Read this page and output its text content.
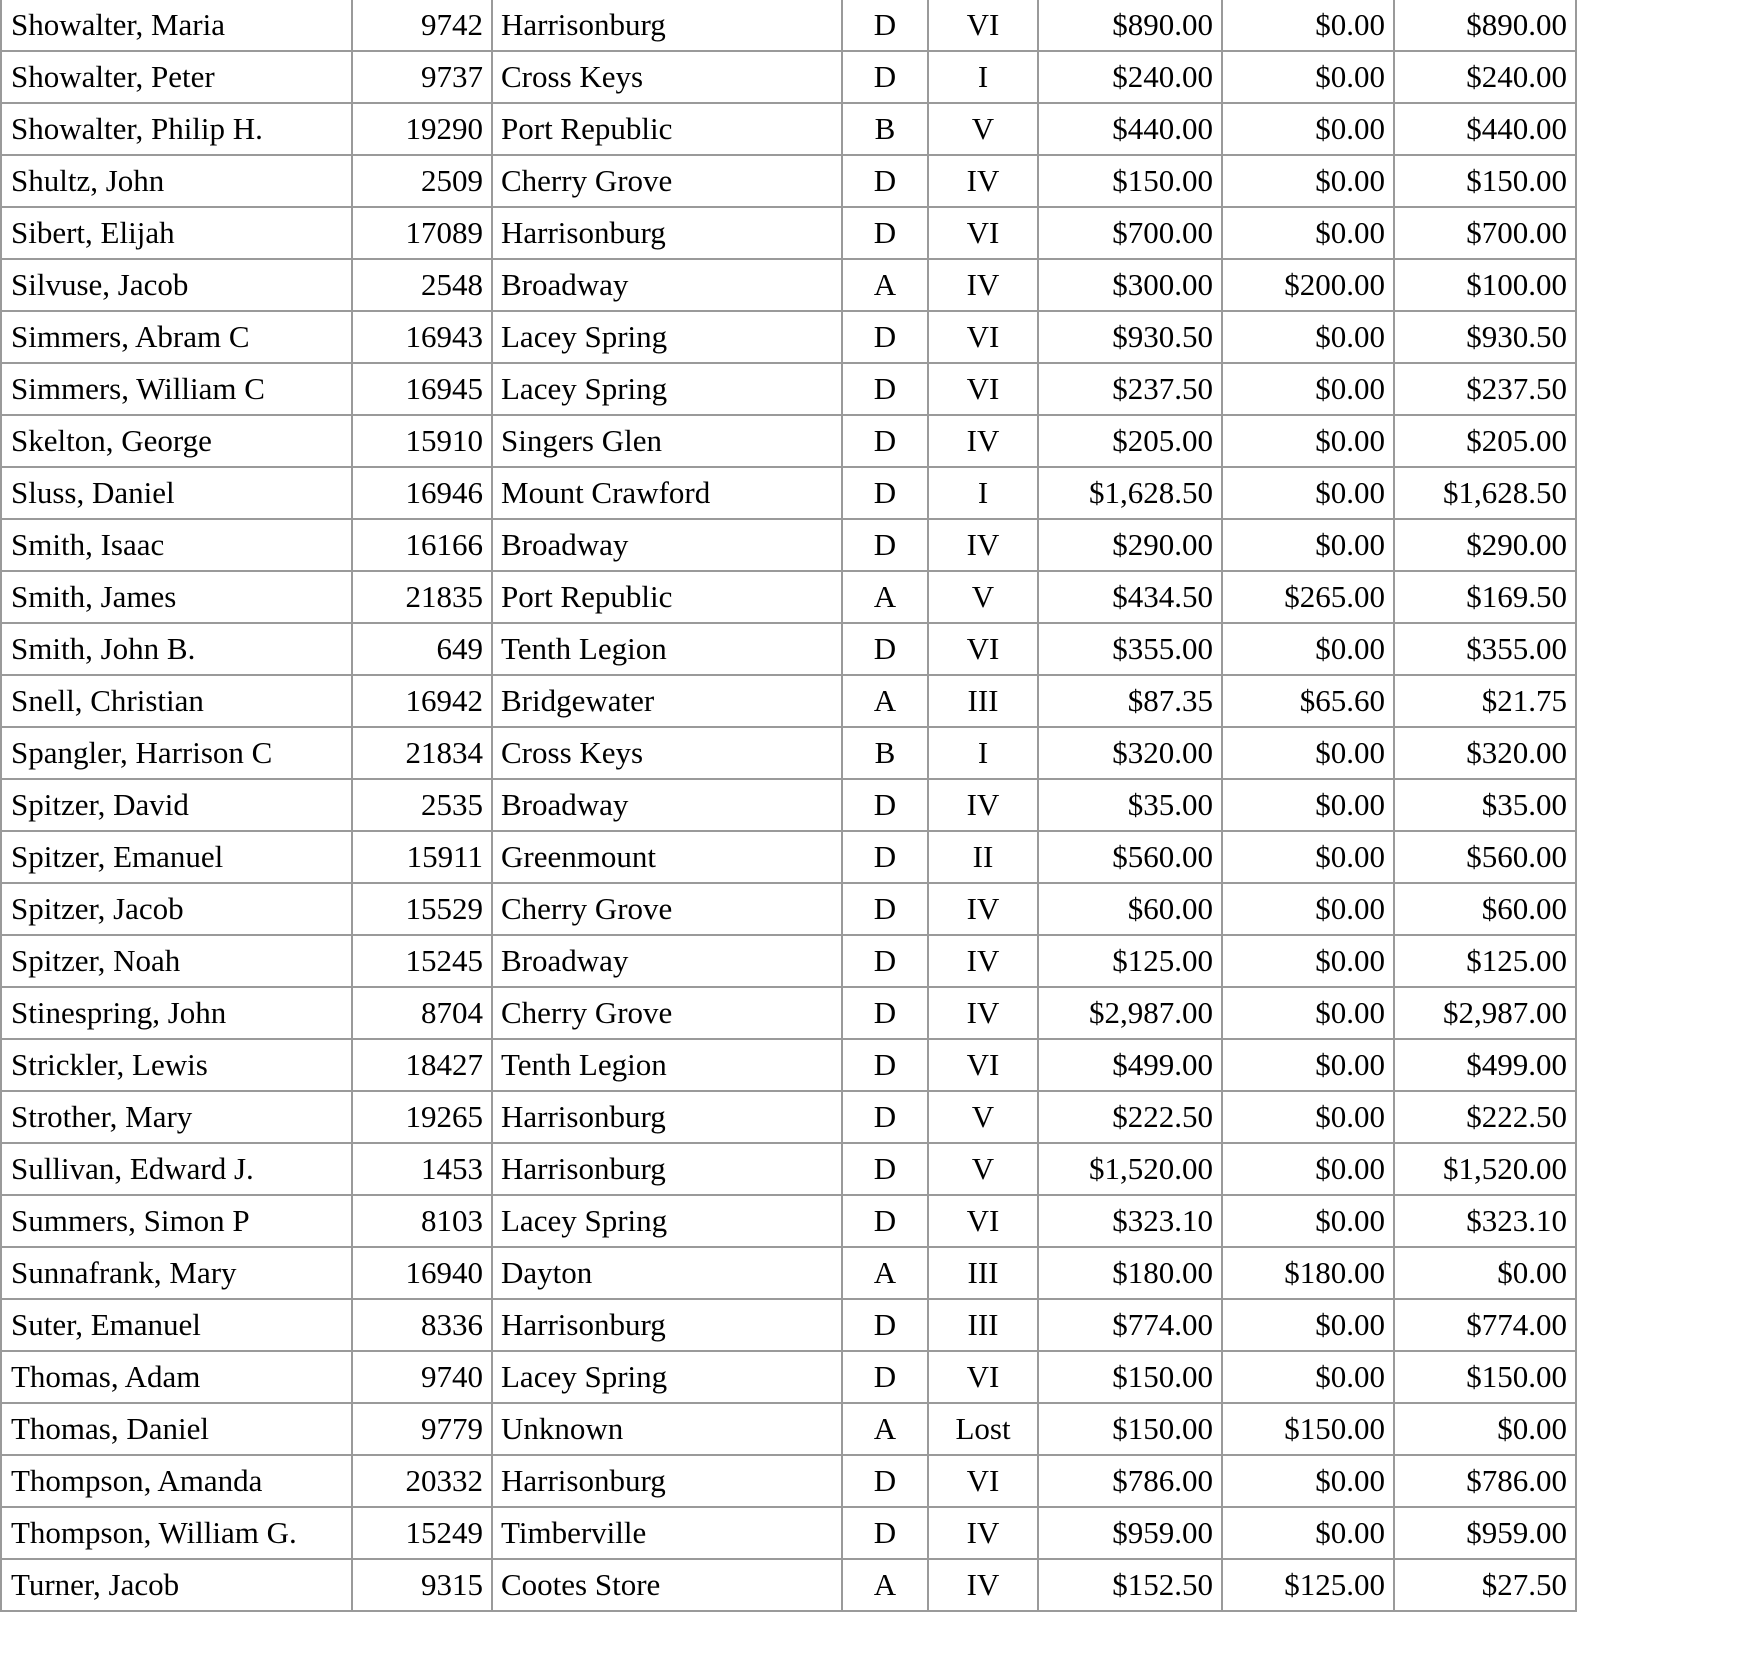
Showalter, Maria	9742	Harrisonburg	D	VI	$890.00	$0.00	$890.00	
Showalter, Peter	9737	Cross Keys	D	I	$240.00	$0.00	$240.00	
Showalter, Philip H.	19290	Port Republic	B	V	$440.00	$0.00	$440.00	
Shultz, John	2509	Cherry Grove	D	IV	$150.00	$0.00	$150.00	
Sibert, Elijah	17089	Harrisonburg	D	VI	$700.00	$0.00	$700.00	
Silvuse, Jacob	2548	Broadway	A	IV	$300.00	$200.00	$100.00	
Simmers, Abram C	16943	Lacey Spring	D	VI	$930.50	$0.00	$930.50	
Simmers, William C	16945	Lacey Spring	D	VI	$237.50	$0.00	$237.50	
Skelton, George	15910	Singers Glen	D	IV	$205.00	$0.00	$205.00	
Sluss, Daniel	16946	Mount Crawford	D	I	$1,628.50	$0.00	$1,628.50	
Smith, Isaac	16166	Broadway	D	IV	$290.00	$0.00	$290.00	
Smith, James	21835	Port Republic	A	V	$434.50	$265.00	$169.50	
Smith, John B.	649	Tenth Legion	D	VI	$355.00	$0.00	$355.00	
Snell, Christian	16942	Bridgewater	A	III	$87.35	$65.60	$21.75	
Spangler, Harrison C	21834	Cross Keys	B	I	$320.00	$0.00	$320.00	
Spitzer, David	2535	Broadway	D	IV	$35.00	$0.00	$35.00	
Spitzer, Emanuel	15911	Greenmount	D	II	$560.00	$0.00	$560.00	
Spitzer, Jacob	15529	Cherry Grove	D	IV	$60.00	$0.00	$60.00	
Spitzer, Noah	15245	Broadway	D	IV	$125.00	$0.00	$125.00	
Stinespring, John	8704	Cherry Grove	D	IV	$2,987.00	$0.00	$2,987.00	
Strickler, Lewis	18427	Tenth Legion	D	VI	$499.00	$0.00	$499.00	
Strother, Mary	19265	Harrisonburg	D	V	$222.50	$0.00	$222.50	
Sullivan, Edward J.	1453	Harrisonburg	D	V	$1,520.00	$0.00	$1,520.00	
Summers, Simon P	8103	Lacey Spring	D	VI	$323.10	$0.00	$323.10	
Sunnafrank, Mary	16940	Dayton	A	III	$180.00	$180.00	$0.00	
Suter, Emanuel	8336	Harrisonburg	D	III	$774.00	$0.00	$774.00	
Thomas, Adam	9740	Lacey Spring	D	VI	$150.00	$0.00	$150.00	
Thomas, Daniel	9779	Unknown	A	Lost	$150.00	$150.00	$0.00	
Thompson, Amanda	20332	Harrisonburg	D	VI	$786.00	$0.00	$786.00	
Thompson, William G.	15249	Timberville	D	IV	$959.00	$0.00	$959.00	
Turner, Jacob	9315	Cootes Store	A	IV	$152.50	$125.00	$27.50	
